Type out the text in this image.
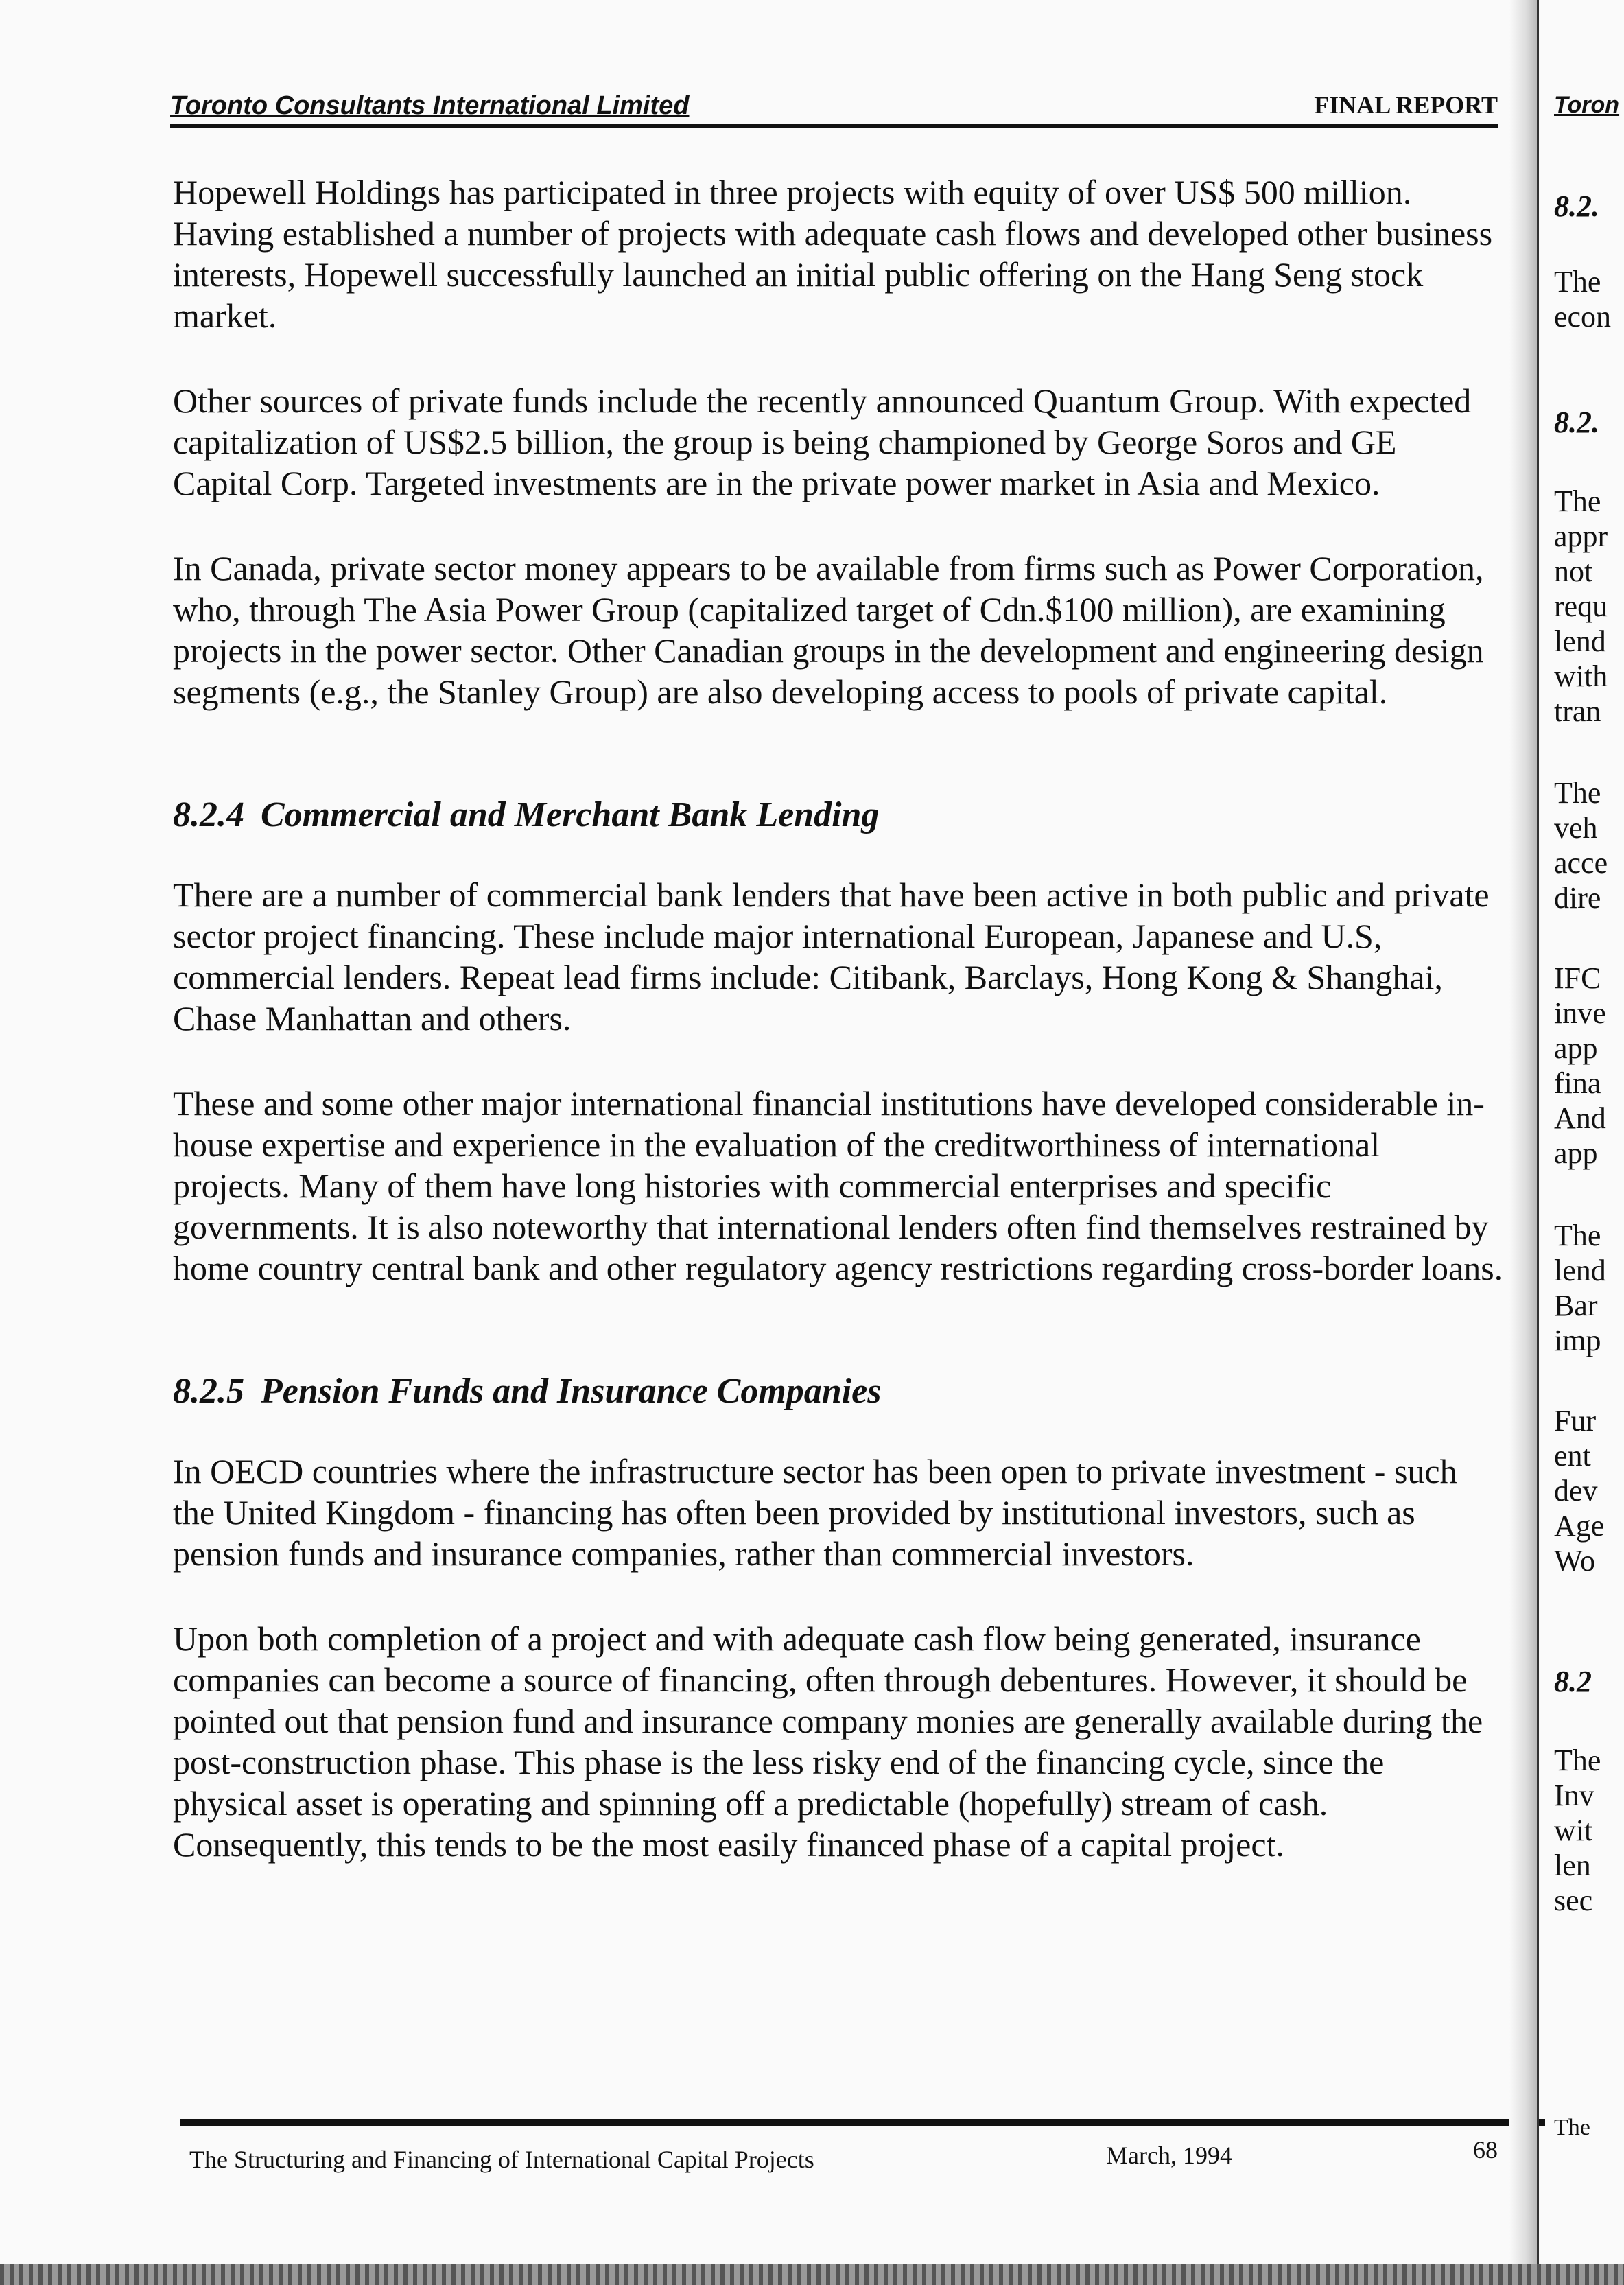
Toronto Consultants International Limited	FINAL REPORT

Hopewell Holdings has participated in three projects with equity of over US$ 500 million. Having established a number of projects with adequate cash flows and developed other business interests, Hopewell successfully launched an initial public offering on the Hang Seng stock market.

Other sources of private funds include the recently announced Quantum Group. With expected capitalization of US$2.5 billion, the group is being championed by George Soros and GE Capital Corp. Targeted investments are in the private power market in Asia and Mexico.

In Canada, private sector money appears to be available from firms such as Power Corporation, who, through The Asia Power Group (capitalized target of Cdn.$100 million), are examining projects in the power sector. Other Canadian groups in the development and engineering design segments (e.g., the Stanley Group) are also developing access to pools of private capital.

8.2.4 Commercial and Merchant Bank Lending

There are a number of commercial bank lenders that have been active in both public and private sector project financing. These include major international European, Japanese and U.S, commercial lenders. Repeat lead firms include: Citibank, Barclays, Hong Kong & Shanghai, Chase Manhattan and others.

These and some other major international financial institutions have developed considerable in-house expertise and experience in the evaluation of the creditworthiness of international projects. Many of them have long histories with commercial enterprises and specific governments. It is also noteworthy that international lenders often find themselves restrained by home country central bank and other regulatory agency restrictions regarding cross-border loans.

8.2.5 Pension Funds and Insurance Companies

In OECD countries where the infrastructure sector has been open to private investment - such the United Kingdom - financing has often been provided by institutional investors, such as pension funds and insurance companies, rather than commercial investors.

Upon both completion of a project and with adequate cash flow being generated, insurance companies can become a source of financing, often through debentures. However, it should be pointed out that pension fund and insurance company monies are generally available during the post-construction phase. This phase is the less risky end of the financing cycle, since the physical asset is operating and spinning off a predictable (hopefully) stream of cash. Consequently, this tends to be the most easily financed phase of a capital project.

The Structuring and Financing of International Capital Projects	March, 1994	68
Toron
8.2.
The
econ
8.2.
The
appr
not
requ
lend
with
tran
The
veh
acce
dire
IFC
inve
app
fina
And
app
The
lend
Bar
imp
Fur
ent
dev
Age
Wo
8.2
The
Inv
wit
len
sec
The
